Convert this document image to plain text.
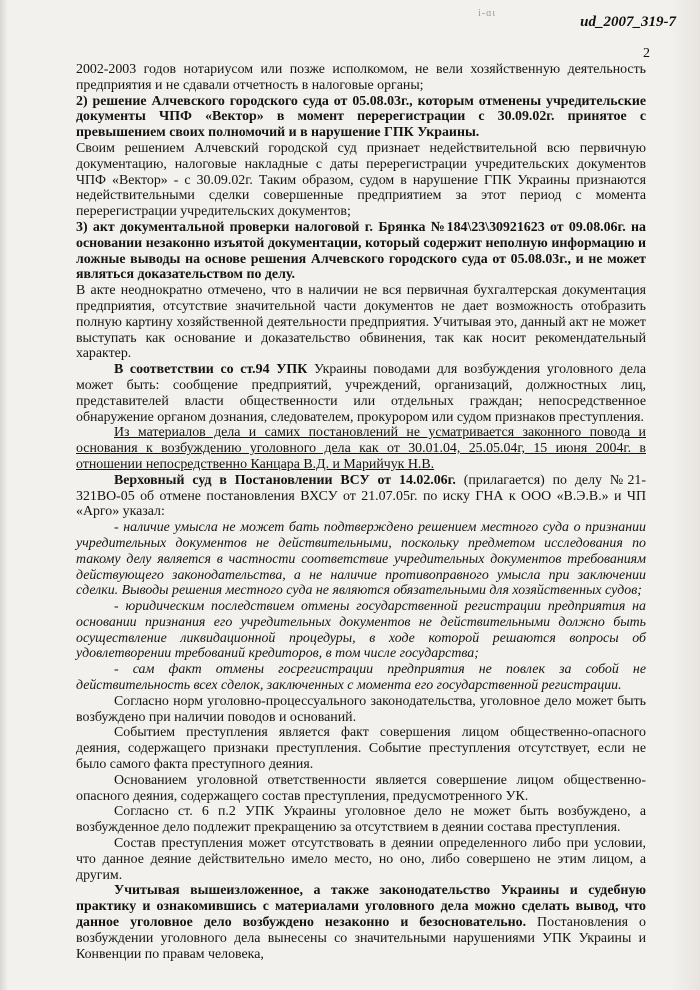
i-ɑɩ
ud_2007_319-7
2

2002-2003 годов нотариусом или позже исполкомом, не вели хозяйственную деятельность предприятия и не сдавали отчетность в налоговые органы;

2) решение Алчевского городского суда от 05.08.03г., которым отменены учредительские документы ЧПФ «Вектор» в момент перерегистрации с 30.09.02г. принятое с превышением своих полномочий и в нарушение ГПК Украины.

Своим решением Алчевский городской суд признает недействительной всю первичную документацию, налоговые накладные с даты перерегистрации учредительских документов ЧПФ «Вектор» - с 30.09.02г. Таким образом, судом в нарушение ГПК Украины признаются недействительными сделки совершенные предприятием за этот период с момента перерегистрации учредительских документов;

3) акт документальной проверки налоговой г. Брянка №184\23\30921623 от 09.08.06г. на основании незаконно изъятой документации, который содержит неполную информацию и ложные выводы на основе решения Алчевского городского суда от 05.08.03г., и не может являться доказательством по делу.

В акте неоднократно отмечено, что в наличии не вся первичная бухгалтерская документация предприятия, отсутствие значительной части документов не дает возможность отобразить полную картину хозяйственной деятельности предприятия. Учитывая это, данный акт не может выступать как основание и доказательство обвинения, так как носит рекомендательный характер.

В соответствии со ст.94 УПК Украины поводами для возбуждения уголовного дела может быть: сообщение предприятий, учреждений, организаций, должностных лиц, представителей власти общественности или отдельных граждан; непосредственное обнаружение органом дознания, следователем, прокурором или судом признаков преступления.

Из материалов дела и самих постановлений не усматривается законного повода и основания к возбуждению уголовного дела как от 30.01.04, 25.05.04г, 15 июня 2004г. в отношении непосредственно Канцара В.Д. и Марийчук Н.В.

Верховный суд в Постановлении ВСУ от 14.02.06г. (прилагается) по делу №21-321ВО-05 об отмене постановления ВХСУ от 21.07.05г. по иску ГНА к ООО «В.Э.В.» и ЧП «Арго» указал:

- наличие умысла не может бать подтверждено решением местного суда о признании учредительных документов не действительными, поскольку предметом исследования по такому делу является в частности соответствие учредительных документов требованиям действующего законодательства, а не наличие противоправного умысла при заключении сделки. Выводы решения местного суда не являются обязательными для хозяйственных судов;

- юридическим последствием отмены государственной регистрации предприятия на основании признания его учредительных документов не действительными должно быть осуществление ликвидационной процедуры, в ходе которой решаются вопросы об удовлетворении требований кредиторов, в том числе государства;

- сам факт отмены госрегистрации предприятия не повлек за собой не действительность всех сделок, заключенных с момента его государственной регистрации.

Согласно норм уголовно-процессуального законодательства, уголовное дело может быть возбуждено при наличии поводов и оснований.

Событием преступления является факт совершения лицом общественно-опасного деяния, содержащего признаки преступления. Событие преступления отсутствует, если не было самого факта преступного деяния.

Основанием уголовной ответственности является совершение лицом общественно-опасного деяния, содержащего состав преступления, предусмотренного УК.

Согласно ст. 6 п.2 УПК Украины уголовное дело не может быть возбуждено, а возбужденное дело подлежит прекращению за отсутствием в деянии состава преступления.

Состав преступления может отсутствовать в деянии определенного либо при условии, что данное деяние действительно имело место, но оно, либо совершено не этим лицом, а другим.

Учитывая вышеизложенное, а также законодательство Украины и судебную практику и ознакомившись с материалами уголовного дела можно сделать вывод, что данное уголовное дело возбуждено незаконно и безосновательно. Постановления о возбуждении уголовного дела вынесены со значительными нарушениями УПК Украины и Конвенции по правам человека,
